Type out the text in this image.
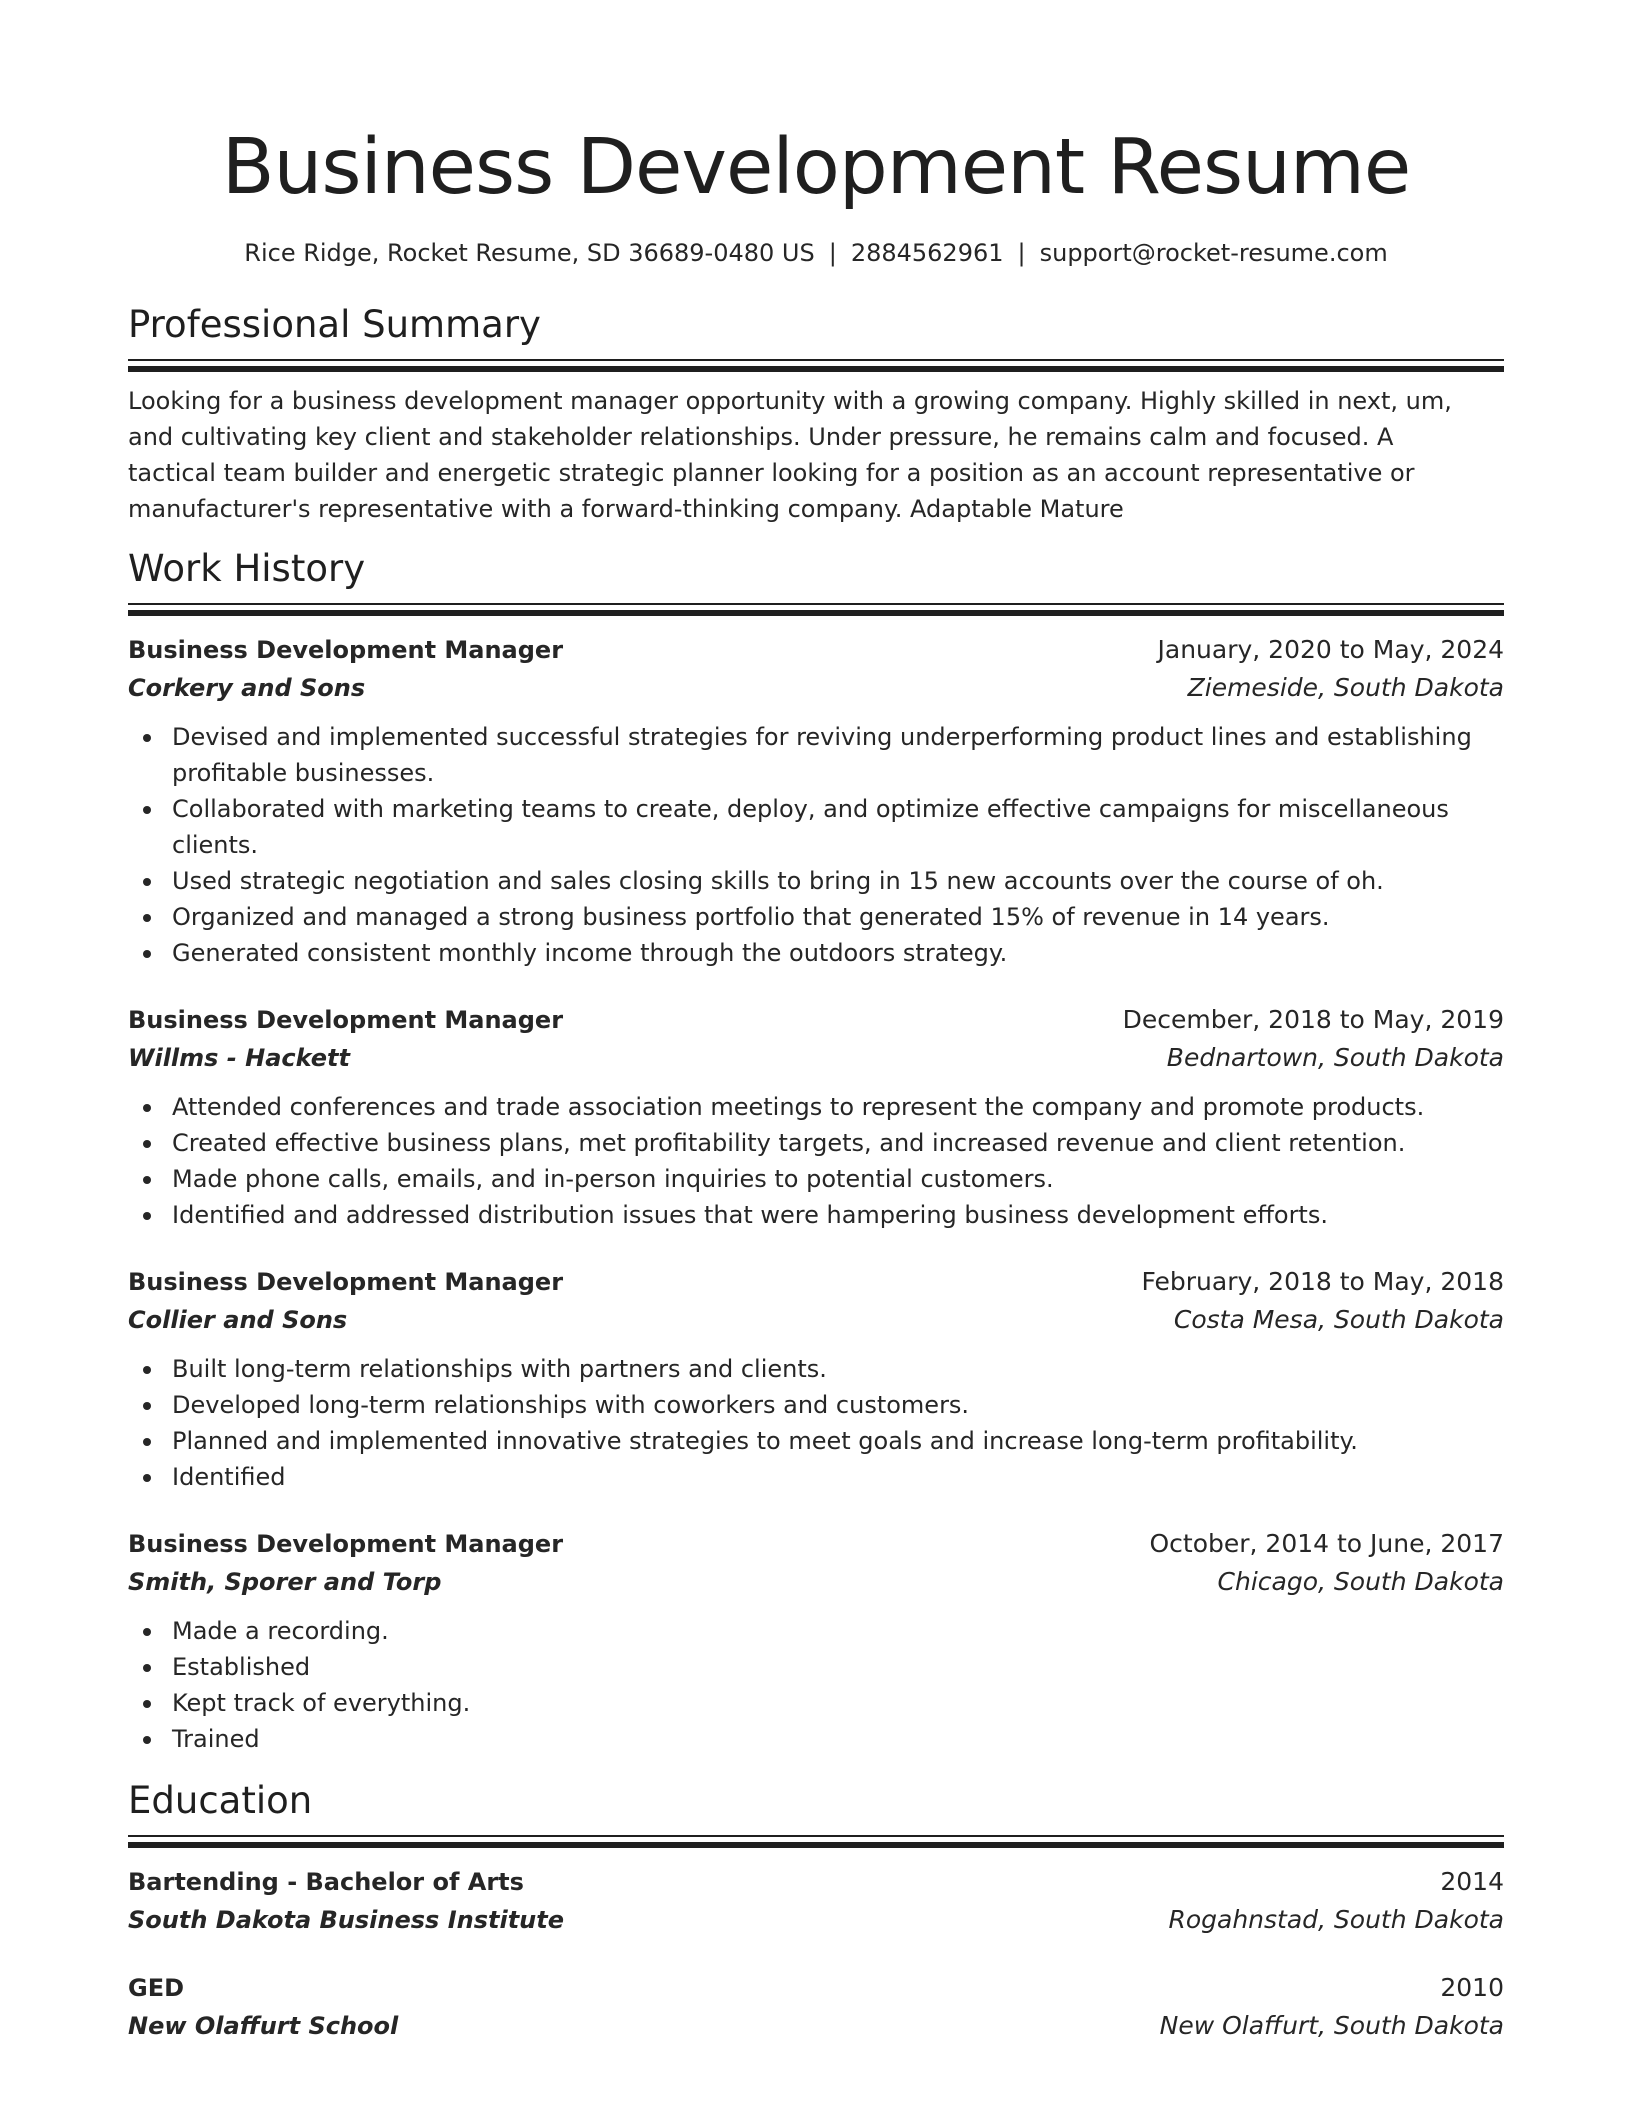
Business Development Resume
Rice Ridge, Rocket Resume, SD 36689-0480 US | 2884562961 | support@rocket-resume.com
Professional Summary

Looking for a business development manager opportunity with a growing company. Highly skilled in next, um, and cultivating key client and stakeholder relationships. Under pressure, he remains calm and focused. A tactical team builder and energetic strategic planner looking for a position as an account representative or manufacturer's representative with a forward-thinking company. Adaptable Mature

Work History
Business Development Manager	January, 2020 to May, 2024
Corkery and Sons	Ziemeside, South Dakota
Devised and implemented successful strategies for reviving underperforming product lines and establishing profitable businesses.
Collaborated with marketing teams to create, deploy, and optimize effective campaigns for miscellaneous clients.
Used strategic negotiation and sales closing skills to bring in 15 new accounts over the course of oh.
Organized and managed a strong business portfolio that generated 15% of revenue in 14 years.
Generated consistent monthly income through the outdoors strategy.
Business Development Manager	December, 2018 to May, 2019
Willms - Hackett	Bednartown, South Dakota
Attended conferences and trade association meetings to represent the company and promote products.
Created effective business plans, met profitability targets, and increased revenue and client retention.
Made phone calls, emails, and in-person inquiries to potential customers.
Identified and addressed distribution issues that were hampering business development efforts.
Business Development Manager	February, 2018 to May, 2018
Collier and Sons	Costa Mesa, South Dakota
Built long-term relationships with partners and clients.
Developed long-term relationships with coworkers and customers.
Planned and implemented innovative strategies to meet goals and increase long-term profitability.
Identified
Business Development Manager	October, 2014 to June, 2017
Smith, Sporer and Torp	Chicago, South Dakota
Made a recording.
Established
Kept track of everything.
Trained
Education
Bartending - Bachelor of Arts	2014
South Dakota Business Institute	Rogahnstad, South Dakota
GED	2010
New Olaffurt School	New Olaffurt, South Dakota
